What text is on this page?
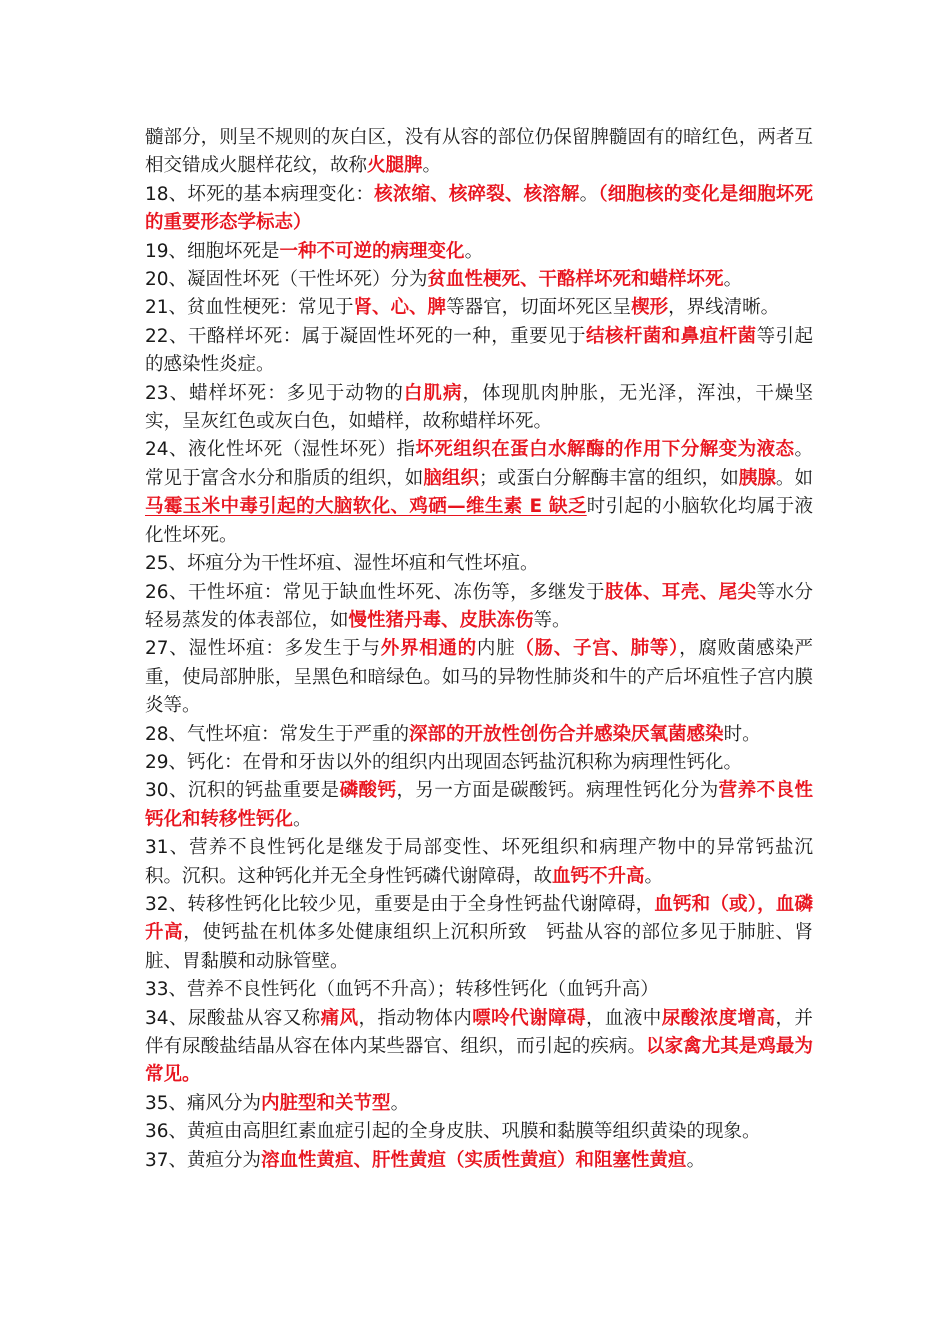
髓部分，则呈不规则的灰白区，没有从容的部位仍保留脾髓固有的暗红色，两者互相交错成火腿样花纹，故称火腿脾。

18、坏死的基本病理变化：核浓缩、核碎裂、核溶解。（细胞核的变化是细胞坏死的重要形态学标志）

19、细胞坏死是一种不可逆的病理变化。

20、凝固性坏死（干性坏死）分为贫血性梗死、干酪样坏死和蜡样坏死。

21、贫血性梗死：常见于肾、心、脾等器官，切面坏死区呈楔形，界线清晰。

22、干酪样坏死：属于凝固性坏死的一种，重要见于结核杆菌和鼻疽杆菌等引起的感染性炎症。

23、蜡样坏死：多见于动物的白肌病，体现肌肉肿胀，无光泽，浑浊，干燥坚实，呈灰红色或灰白色，如蜡样，故称蜡样坏死。

24、液化性坏死（湿性坏死）指坏死组织在蛋白水解酶的作用下分解变为液态。常见于富含水分和脂质的组织，如脑组织；或蛋白分解酶丰富的组织，如胰腺。如马霉玉米中毒引起的大脑软化、鸡硒—维生素 E 缺乏时引起的小脑软化均属于液化性坏死。

25、坏疽分为干性坏疽、湿性坏疽和气性坏疽。

26、干性坏疽：常见于缺血性坏死、冻伤等，多继发于肢体、耳壳、尾尖等水分轻易蒸发的体表部位，如慢性猪丹毒、皮肤冻伤等。

27、湿性坏疽：多发生于与外界相通的内脏（肠、子宫、肺等），腐败菌感染严重，使局部肿胀，呈黑色和暗绿色。如马的异物性肺炎和牛的产后坏疽性子宫内膜炎等。

28、气性坏疽：常发生于严重的深部的开放性创伤合并感染厌氧菌感染时。

29、钙化：在骨和牙齿以外的组织内出现固态钙盐沉积称为病理性钙化。

30、沉积的钙盐重要是磷酸钙，另一方面是碳酸钙。病理性钙化分为营养不良性钙化和转移性钙化。

31、营养不良性钙化是继发于局部变性、坏死组织和病理产物中的异常钙盐沉积。沉积。这种钙化并无全身性钙磷代谢障碍，故血钙不升高。

32、转移性钙化比较少见，重要是由于全身性钙盐代谢障碍，血钙和（或），血磷升高，使钙盐在机体多处健康组织上沉积所致　钙盐从容的部位多见于肺脏、肾脏、胃黏膜和动脉管壁。

33、营养不良性钙化（血钙不升高）；转移性钙化（血钙升高）

34、尿酸盐从容又称痛风，指动物体内嘌呤代谢障碍，血液中尿酸浓度增高，并伴有尿酸盐结晶从容在体内某些器官、组织，而引起的疾病。以家禽尤其是鸡最为常见。

35、痛风分为内脏型和关节型。

36、黄疸由高胆红素血症引起的全身皮肤、巩膜和黏膜等组织黄染的现象。

37、黄疸分为溶血性黄疸、肝性黄疸（实质性黄疸）和阻塞性黄疸。
